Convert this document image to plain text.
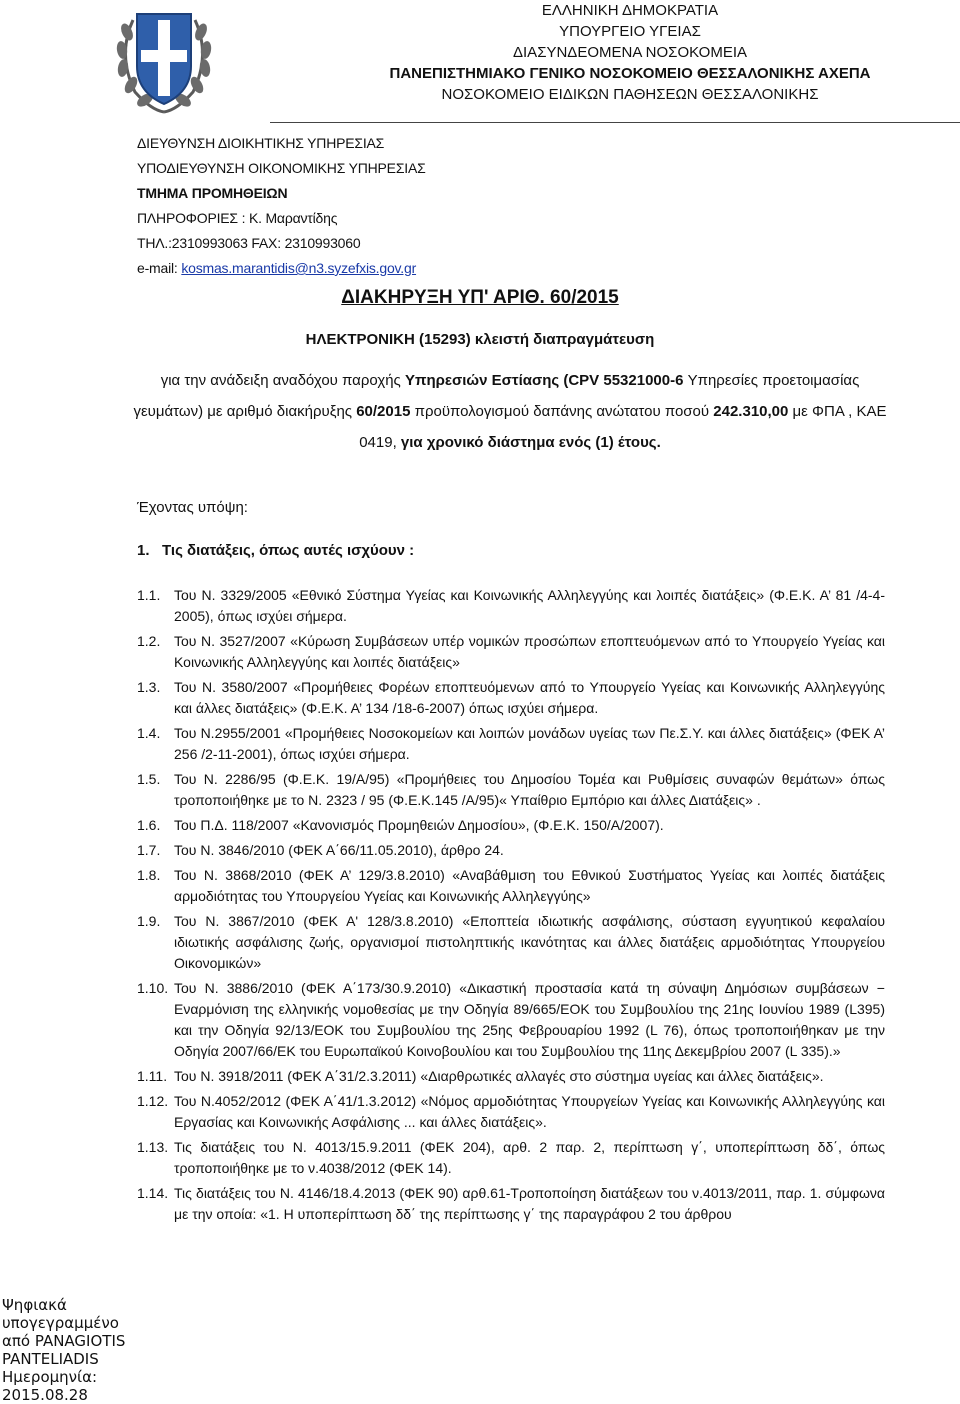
ΕΛΛΗΝΙΚΗ ΔΗΜΟΚΡΑΤΙΑ
ΥΠΟΥΡΓΕΙΟ ΥΓΕΙΑΣ
ΔΙΑΣΥΝΔΕΟΜΕΝΑ ΝΟΣΟΚΟΜΕΙΑ
ΠΑΝΕΠΙΣΤΗΜΙΑΚΟ ΓΕΝΙΚΟ ΝΟΣΟΚΟΜΕΙΟ ΘΕΣΣΑΛΟΝΙΚΗΣ ΑΧΕΠΑ
ΝΟΣΟΚΟΜΕΙΟ ΕΙΔΙΚΩΝ ΠΑΘΗΣΕΩΝ ΘΕΣΣΑΛΟΝΙΚΗΣ
ΔΙΕΥΘΥΝΣΗ ΔΙΟΙΚΗΤΙΚΗΣ ΥΠΗΡΕΣΙΑΣ
ΥΠΟΔΙΕΥΘΥΝΣΗ ΟΙΚΟΝΟΜΙΚΗΣ ΥΠΗΡΕΣΙΑΣ
ΤΜΗΜΑ ΠΡΟΜΗΘΕΙΩΝ
ΠΛΗΡΟΦΟΡΙΕΣ : Κ. Μαραντίδης
ΤΗΛ.:2310993063 FAX: 2310993060
e-mail: kosmas.marantidis@n3.syzefxis.gov.gr
ΔΙΑΚΗΡΥΞΗ ΥΠ' ΑΡΙΘ. 60/2015
ΗΛΕΚΤΡΟΝΙΚΗ (15293) κλειστή διαπραγμάτευση
για την ανάδειξη αναδόχου παροχής Υπηρεσιών Εστίασης (CPV 55321000-6 Υπηρεσίες προετοιμασίας γευμάτων) με αριθμό διακήρυξης 60/2015 προϋπολογισμού δαπάνης ανώτατου ποσού 242.310,00 με ΦΠΑ , ΚΑΕ 0419, για χρονικό διάστημα ενός (1) έτους.
Έχοντας υπόψη:
1.   Τις διατάξεις, όπως αυτές ισχύουν :
1.1. Του Ν. 3329/2005 «Εθνικό Σύστημα Υγείας και Κοινωνικής Αλληλεγγύης και λοιπές διατάξεις» (Φ.Ε.Κ. Α’ 81 /4-4-2005), όπως ισχύει σήμερα.
1.2. Του Ν. 3527/2007 «Κύρωση Συμβάσεων υπέρ νομικών προσώπων εποπτευόμενων από το Υπουργείο Υγείας και Κοινωνικής Αλληλεγγύης και λοιπές διατάξεις»
1.3. Του Ν. 3580/2007 «Προμήθειες Φορέων εποπτευόμενων από το Υπουργείο Υγείας και Κοινωνικής Αλληλεγγύης και άλλες διατάξεις» (Φ.Ε.Κ. Α’ 134 /18-6-2007) όπως ισχύει σήμερα.
1.4. Του Ν.2955/2001 «Προμήθειες Νοσοκομείων και λοιπών μονάδων υγείας των Πε.Σ.Υ. και άλλες διατάξεις» (ΦΕΚ Α’ 256 /2-11-2001), όπως ισχύει σήμερα.
1.5. Του Ν. 2286/95 (Φ.Ε.Κ. 19/Α/95) «Προμήθειες του Δημοσίου Τομέα και Ρυθμίσεις συναφών θεμάτων» όπως τροποποιήθηκε με το Ν. 2323 / 95 (Φ.Ε.Κ.145 /Α/95)« Υπαίθριο Εμπόριο και άλλες Διατάξεις» .
1.6. Του Π.Δ. 118/2007 «Κανονισμός Προμηθειών Δημοσίου», (Φ.Ε.Κ. 150/Α/2007).
1.7. Του Ν. 3846/2010 (ΦΕΚ Α΄66/11.05.2010), άρθρο 24.
1.8. Του Ν. 3868/2010 (ΦΕΚ Α’ 129/3.8.2010) «Αναβάθμιση του Εθνικού Συστήματος Υγείας και λοιπές διατάξεις αρμοδιότητας του Υπουργείου Υγείας και Κοινωνικής Αλληλεγγύης»
1.9. Του Ν. 3867/2010 (ΦΕΚ Α' 128/3.8.2010) «Εποπτεία ιδιωτικής ασφάλισης, σύσταση εγγυητικού κεφαλαίου ιδιωτικής ασφάλισης ζωής, οργανισμοί πιστοληπτικής ικανότητας και άλλες διατάξεις αρμοδιότητας Υπουργείου Οικονομικών»
1.10. Του Ν. 3886/2010 (ΦΕΚ Α΄173/30.9.2010) «Δικαστική προστασία κατά τη σύναψη Δημόσιων συμβάσεων − Εναρμόνιση της ελληνικής νομοθεσίας με την Οδηγία 89/665/ΕΟΚ του Συμβουλίου της 21ης Ιουνίου 1989 (L395) και την Οδηγία 92/13/ΕΟΚ του Συμβουλίου της 25ης Φεβρουαρίου 1992 (L 76), όπως τροποποιήθηκαν με την Οδηγία 2007/66/ΕΚ του Ευρωπαϊκού Κοινοβουλίου και του Συμβουλίου της 11ης Δεκεμβρίου 2007 (L 335).»
1.11. Του Ν. 3918/2011 (ΦΕΚ Α΄31/2.3.2011) «Διαρθρωτικές αλλαγές στο σύστημα υγείας και άλλες διατάξεις».
1.12. Του Ν.4052/2012 (ΦΕΚ Α΄41/1.3.2012) «Νόμος αρμοδιότητας Υπουργείων Υγείας και Κοινωνικής Αλληλεγγύης και Εργασίας και Κοινωνικής Ασφάλισης ... και άλλες διατάξεις».
1.13. Τις διατάξεις του Ν. 4013/15.9.2011 (ΦΕΚ 204), αρθ. 2 παρ. 2, περίπτωση γ΄, υποπερίπτωση δδ΄, όπως τροποποιήθηκε με το ν.4038/2012 (ΦΕΚ 14).
1.14. Τις διατάξεις του Ν. 4146/18.4.2013 (ΦΕΚ 90) αρθ.61-Τροποποίηση διατάξεων του ν.4013/2011, παρ. 1. σύμφωνα με την οποία: «1. Η υποπερίπτωση δδ΄ της περίπτωσης γ΄ της παραγράφου 2 του άρθρου
Ψηφιακά
υπογεγραμμένο
από PANAGIOTIS
PANTELIADIS
Ημερομηνία:
2015.08.28
